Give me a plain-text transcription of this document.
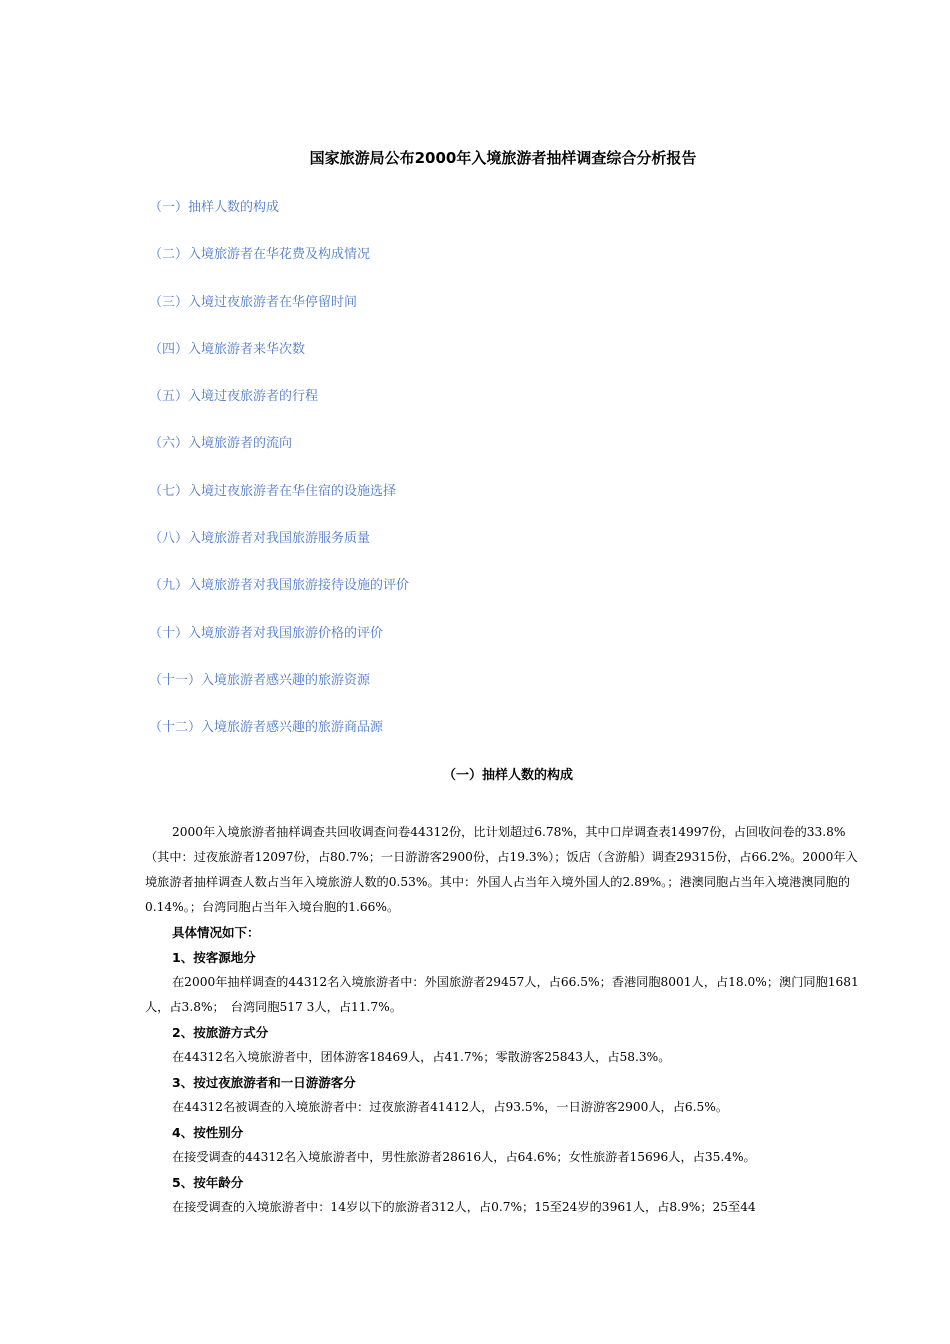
国家旅游局公布2000年入境旅游者抽样调查综合分析报告
（一）抽样人数的构成
（二）入境旅游者在华花费及构成情况
（三）入境过夜旅游者在华停留时间
（四）入境旅游者来华次数
（五）入境过夜旅游者的行程
（六）入境旅游者的流向
（七）入境过夜旅游者在华住宿的设施选择
（八）入境旅游者对我国旅游服务质量
（九）入境旅游者对我国旅游接待设施的评价
（十）入境旅游者对我国旅游价格的评价
（十一）入境旅游者感兴趣的旅游资源
（十二）入境旅游者感兴趣的旅游商品源
（一）抽样人数的构成

2000年入境旅游者抽样调查共回收调查问卷44312份，比计划超过6.78%，其中口岸调查表14997份，占回收问卷的33.8%（其中：过夜旅游者12097份，占80.7%；一日游游客2900份，占19.3%）；饭店（含游船）调查29315份，占66.2%。2000年入境旅游者抽样调查人数占当年入境旅游人数的0.53%。其中：外国人占当年入境外国人的2.89%。；港澳同胞占当年入境港澳同胞的0.14%。；台湾同胞占当年入境台胞的1.66%。

具体情况如下：

1、按客源地分

在2000年抽样调查的44312名入境旅游者中：外国旅游者29457人，占66.5%；香港同胞8001人，占18.0%；澳门同胞1681人，占3.8%；　台湾同胞517 3人，占11.7%。

2、按旅游方式分

在44312名入境旅游者中，团体游客18469人，占41.7%；零散游客25843人，占58.3%。

3、按过夜旅游者和一日游游客分

在44312名被调查的入境旅游者中：过夜旅游者41412人，占93.5%，一日游游客2900人，占6.5%。

4、按性别分

在接受调查的44312名入境旅游者中，男性旅游者28616人，占64.6%；女性旅游者15696人，占35.4%。

5、按年龄分

在接受调查的入境旅游者中：14岁以下的旅游者312人，占0.7%；15至24岁的3961人，占8.9%；25至44
